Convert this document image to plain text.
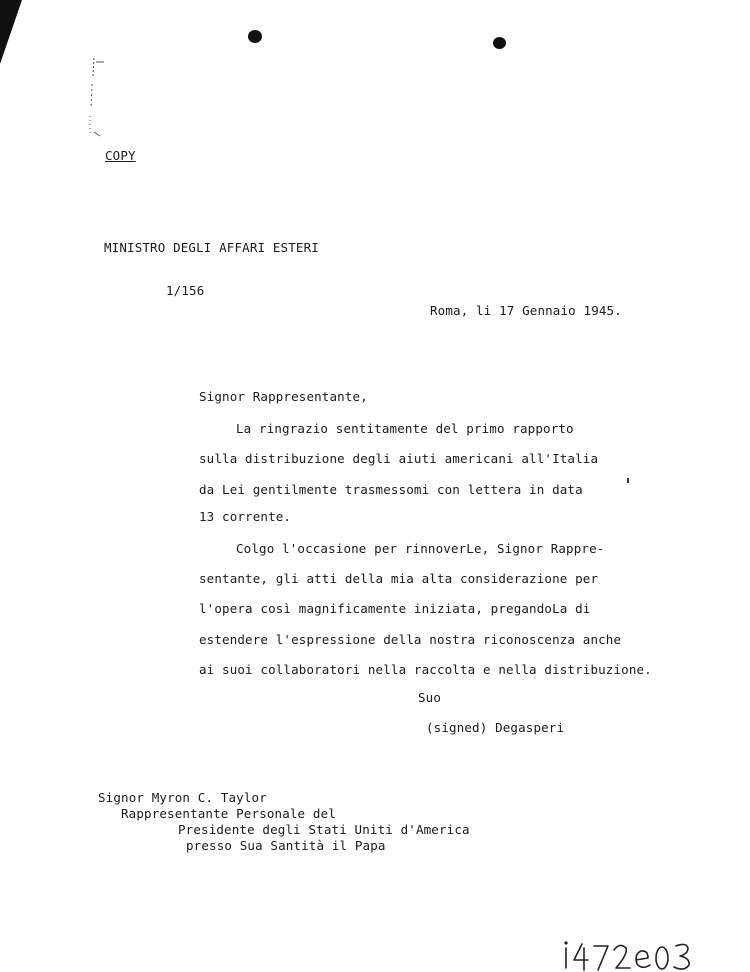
COPY
MINISTRO DEGLI AFFARI ESTERI
1/156
Roma, li 17 Gennaio 1945.
Signor Rappresentante,
La ringrazio sentitamente del primo rapporto
sulla distribuzione degli aiuti americani all'Italia
da Lei gentilmente trasmessomi con lettera in data
13 corrente.
Colgo l'occasione per rinnoverLe, Signor Rappre-
sentante, gli atti della mia alta considerazione per
l'opera così magnificamente iniziata, pregandoLa di
estendere l'espressione della nostra riconoscenza anche
ai suoi collaboratori nella raccolta e nella distribuzione.
Suo
(signed) Degasperi
Signor Myron C. Taylor
Rappresentante Personale del
Presidente degli Stati Uniti d'America
presso Sua Santità il Papa
